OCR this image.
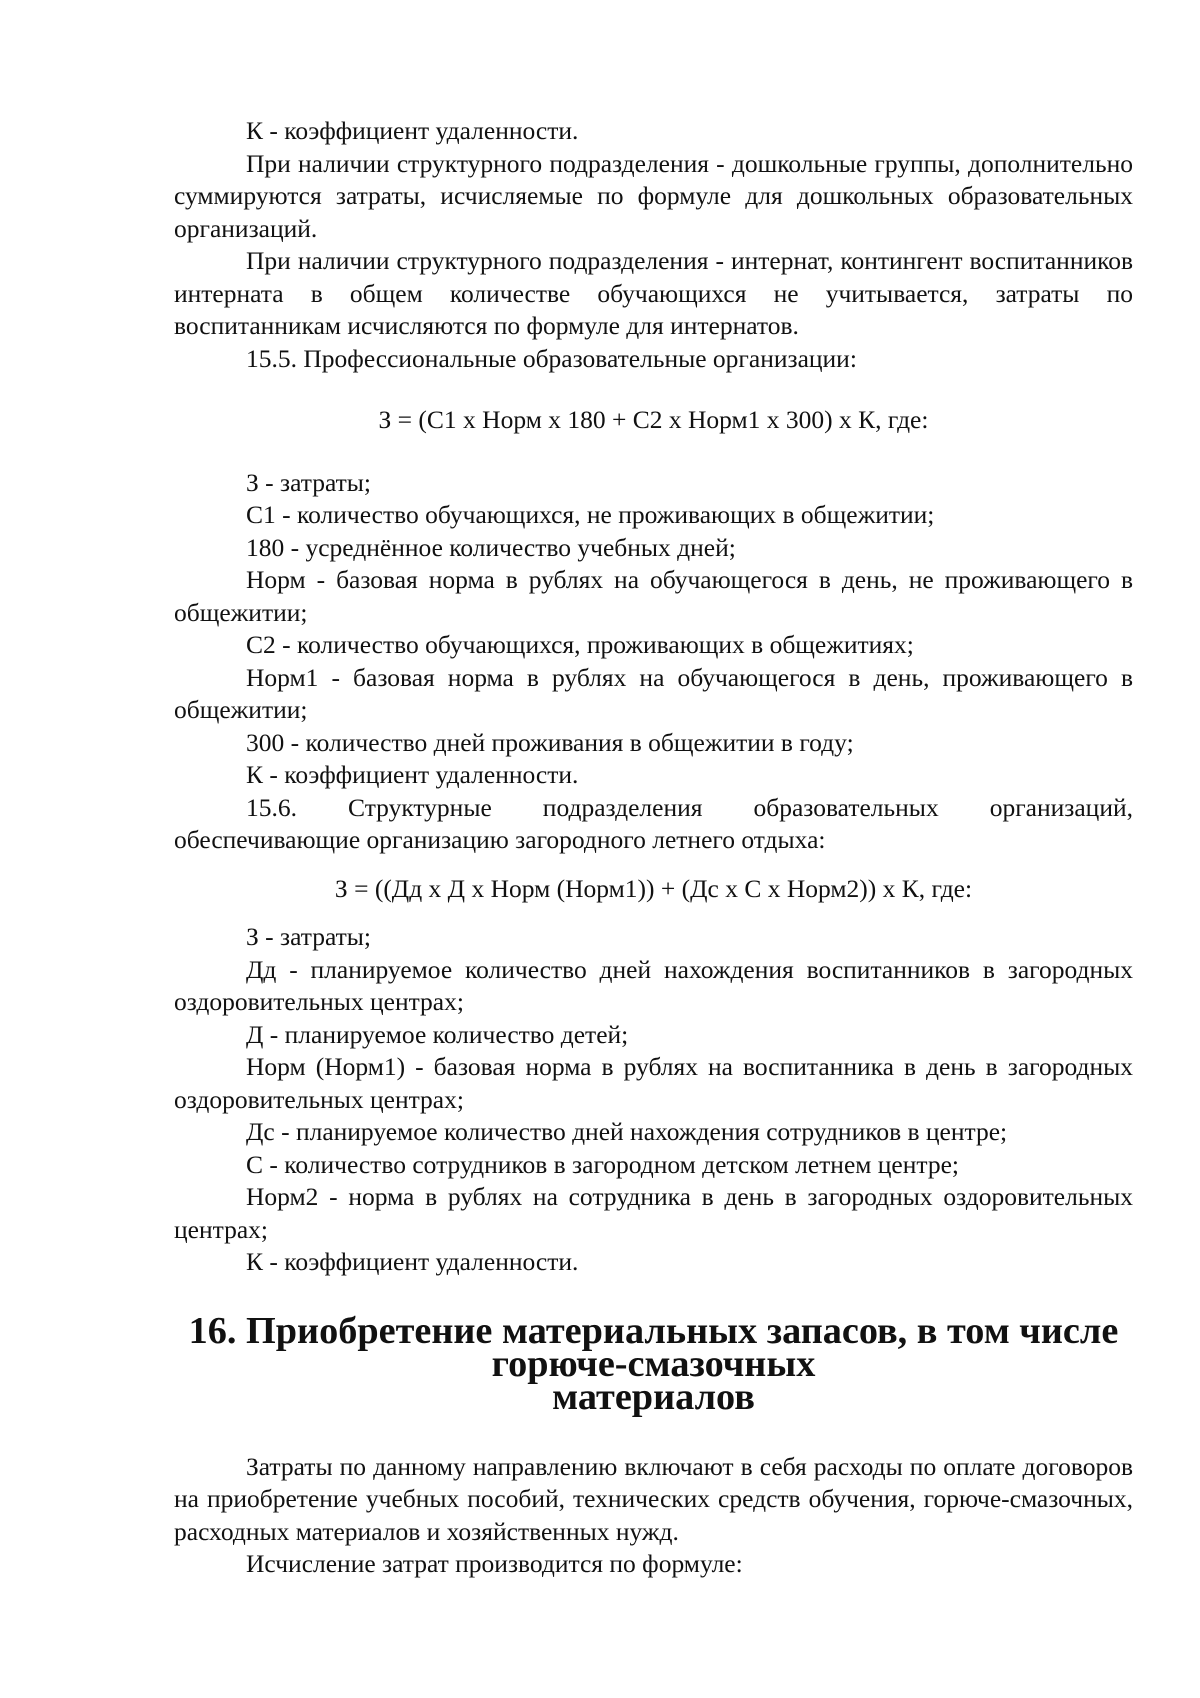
К - коэффициент удаленности.

При наличии структурного подразделения - дошкольные группы, дополнительно суммируются затраты, исчисляемые по формуле для дошкольных образовательных организаций.

При наличии структурного подразделения - интернат, контингент воспитанников интерната в общем количестве обучающихся не учитывается, затраты по воспитанникам исчисляются по формуле для интернатов.

15.5. Профессиональные образовательные организации:

З = (С1 х Норм х 180 + С2 х Норм1 х 300) х К, где:

З - затраты;

С1 - количество обучающихся, не проживающих в общежитии;

180 - усреднённое количество учебных дней;

Норм - базовая норма в рублях на обучающегося в день, не проживающего в общежитии;

С2 - количество обучающихся, проживающих в общежитиях;

Норм1 - базовая норма в рублях на обучающегося в день, проживающего в общежитии;

300 - количество дней проживания в общежитии в году;

К - коэффициент удаленности.

15.6. Структурные подразделения образовательных организаций, обеспечивающие организацию загородного летнего отдыха:

З = ((Дд х Д х Норм (Норм1)) + (Дс х С х Норм2)) х К, где:

З - затраты;

Дд - планируемое количество дней нахождения воспитанников в загородных оздоровительных центрах;

Д - планируемое количество детей;

Норм (Норм1) - базовая норма в рублях на воспитанника в день в загородных оздоровительных центрах;

Дс - планируемое количество дней нахождения сотрудников в центре;

С - количество сотрудников в загородном детском летнем центре;

Норм2 - норма в рублях на сотрудника в день в загородных оздоровительных центрах;

К - коэффициент удаленности.

16. Приобретение материальных запасов, в том числе горюче-смазочных
материалов

Затраты по данному направлению включают в себя расходы по оплате договоров на приобретение учебных пособий, технических средств обучения, горюче-смазочных, расходных материалов и хозяйственных нужд.

Исчисление затрат производится по формуле:
